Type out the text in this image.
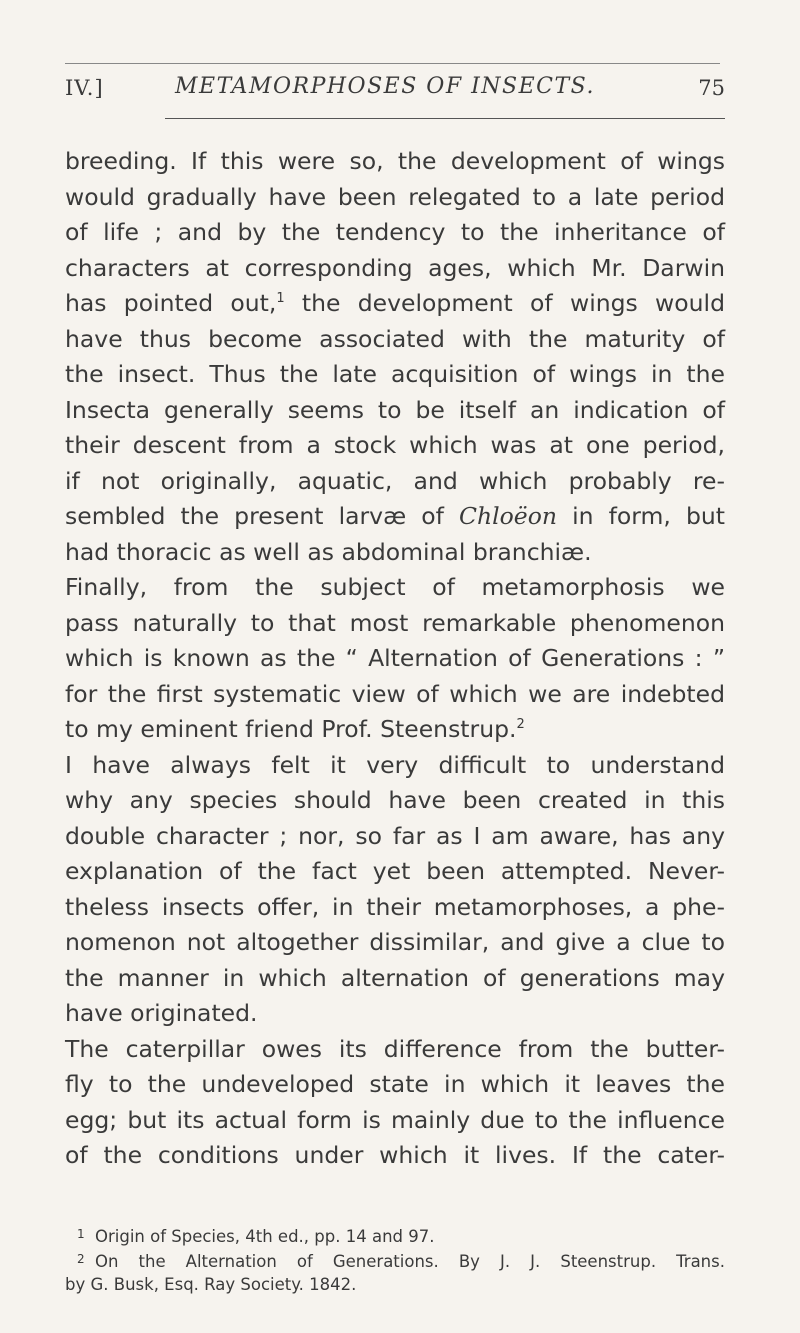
IV.]	METAMORPHOSES OF INSECTS.	75
breeding. If this were so, the development of wings
would gradually have been relegated to a late period
of life ; and by the tendency to the inheritance of
characters at corresponding ages, which Mr. Darwin
has pointed out,$^1$ the development of wings would
have thus become associated with the maturity of
the insect. Thus the late acquisition of wings in the
Insecta generally seems to be itself an indication of
their descent from a stock which was at one period,
if not originally, aquatic, and which probably re-
sembled the present larvæ of Chloëon in form, but
had thoracic as well as abdominal branchiæ.
Finally, from the subject of metamorphosis we
pass naturally to that most remarkable phenomenon
which is known as the “ Alternation of Generations : ”
for the first systematic view of which we are indebted
to my eminent friend Prof. Steenstrup.$^2$
I have always felt it very difficult to understand
why any species should have been created in this
double character ; nor, so far as I am aware, has any
explanation of the fact yet been attempted. Never-
theless insects offer, in their metamorphoses, a phe-
nomenon not altogether dissimilar, and give a clue to
the manner in which alternation of generations may
have originated.
The caterpillar owes its difference from the butter-
fly to the undeveloped state in which it leaves the
egg; but its actual form is mainly due to the influence
of the conditions under which it lives. If the cater-
1 Origin of Species, 4th ed., pp. 14 and 97.
2 On the Alternation of Generations. By J. J. Steenstrup. Trans.
by G. Busk, Esq. Ray Society. 1842.
